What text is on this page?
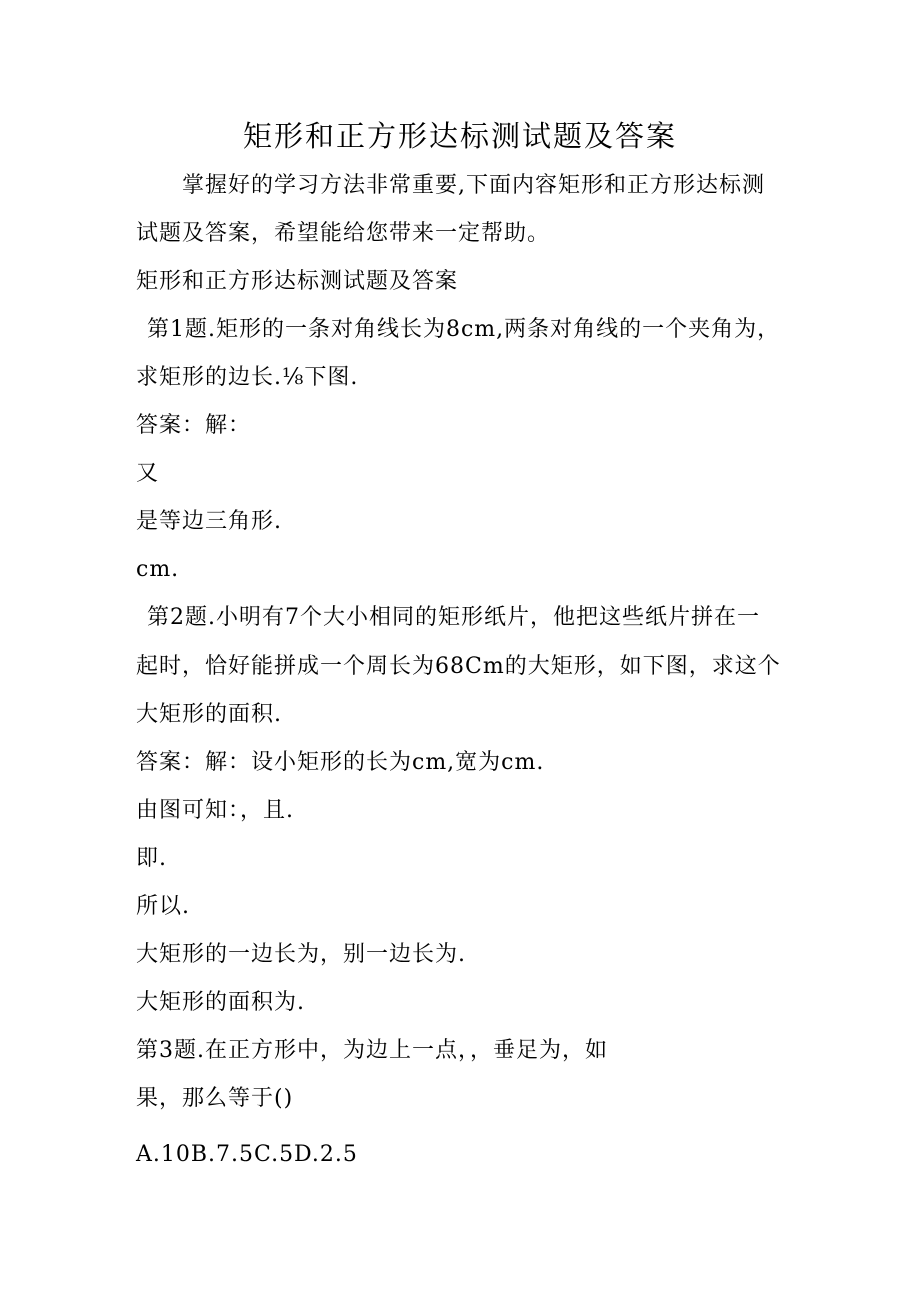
矩形和正方形达标测试题及答案
掌握好的学习方法非常重要,下面内容矩形和正方形达标测
试题及答案，希望能给您带来一定帮助。
矩形和正方形达标测试题及答案
第1题.矩形的一条对角线长为8cm,两条对角线的一个夹角为，
求矩形的边长.⅛下图.
答案：解：
又
是等边三角形.
cm.
第2题.小明有7个大小相同的矩形纸片，他把这些纸片拼在一
起时，恰好能拼成一个周长为68Cm的大矩形，如下图，求这个
大矩形的面积.
答案：解：设小矩形的长为cm,宽为cm.
由图可知：，且.
即.
所以.
大矩形的一边长为，别一边长为.
大矩形的面积为.
第3题.在正方形中，为边上一点，，垂足为，如
果，那么等于()
A.10B.7.5C.5D.2.5
